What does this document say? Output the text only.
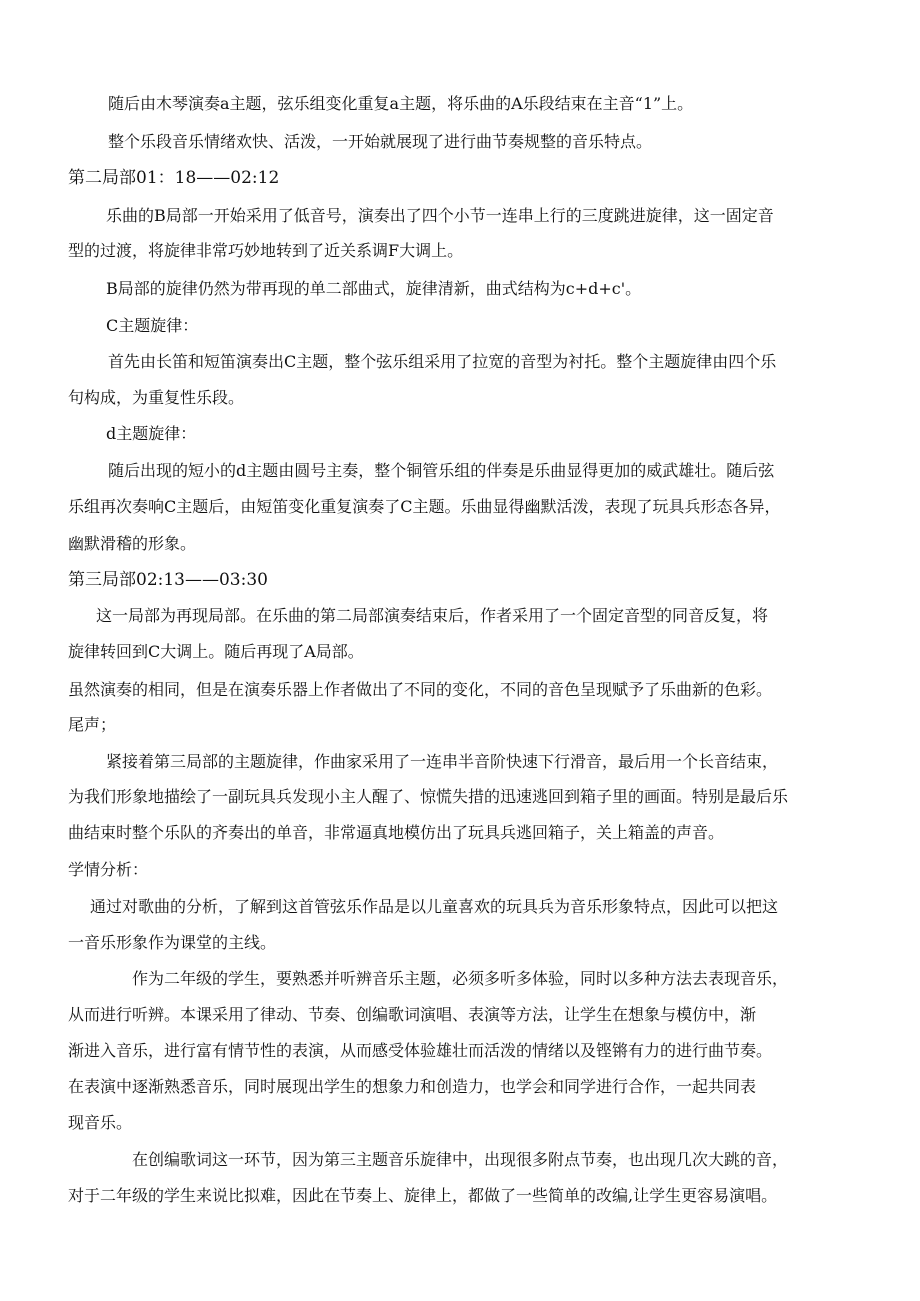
随后由木琴演奏a主题，弦乐组变化重复a主题，将乐曲的A乐段结束在主音“1”上。
整个乐段音乐情绪欢快、活泼，一开始就展现了进行曲节奏规整的音乐特点。
第二局部01：18——02:12
乐曲的B局部一开始采用了低音号，演奏出了四个小节一连串上行的三度跳进旋律，这一固定音
型的过渡，将旋律非常巧妙地转到了近关系调F大调上。
B局部的旋律仍然为带再现的单二部曲式，旋律清新，曲式结构为c+d+c'。
C主题旋律：
首先由长笛和短笛演奏出C主题，整个弦乐组采用了拉宽的音型为衬托。整个主题旋律由四个乐
句构成，为重复性乐段。
d主题旋律：
随后出现的短小的d主题由圆号主奏，整个铜管乐组的伴奏是乐曲显得更加的威武雄壮。随后弦
乐组再次奏响C主题后，由短笛变化重复演奏了C主题。乐曲显得幽默活泼，表现了玩具兵形态各异，
幽默滑稽的形象。
第三局部02:13——03:30
这一局部为再现局部。在乐曲的第二局部演奏结束后，作者采用了一个固定音型的同音反复，将
旋律转回到C大调上。随后再现了A局部。
虽然演奏的相同，但是在演奏乐器上作者做出了不同的变化，不同的音色呈现赋予了乐曲新的色彩。
尾声；
紧接着第三局部的主题旋律，作曲家采用了一连串半音阶快速下行滑音，最后用一个长音结束，
为我们形象地描绘了一副玩具兵发现小主人醒了、惊慌失措的迅速逃回到箱子里的画面。特别是最后乐
曲结束时整个乐队的齐奏出的单音，非常逼真地模仿出了玩具兵逃回箱子，关上箱盖的声音。
学情分析：
通过对歌曲的分析，了解到这首管弦乐作品是以儿童喜欢的玩具兵为音乐形象特点，因此可以把这
一音乐形象作为课堂的主线。
作为二年级的学生，要熟悉并听辨音乐主题，必须多听多体验，同时以多种方法去表现音乐，
从而进行听辨。本课采用了律动、节奏、创编歌词演唱、表演等方法，让学生在想象与模仿中，渐
渐进入音乐，进行富有情节性的表演，从而感受体验雄壮而活泼的情绪以及铿锵有力的进行曲节奏。
在表演中逐渐熟悉音乐，同时展现出学生的想象力和创造力，也学会和同学进行合作，一起共同表
现音乐。
在创编歌词这一环节，因为第三主题音乐旋律中，出现很多附点节奏，也出现几次大跳的音，
对于二年级的学生来说比拟难，因此在节奏上、旋律上，都做了一些简单的改编,让学生更容易演唱。
